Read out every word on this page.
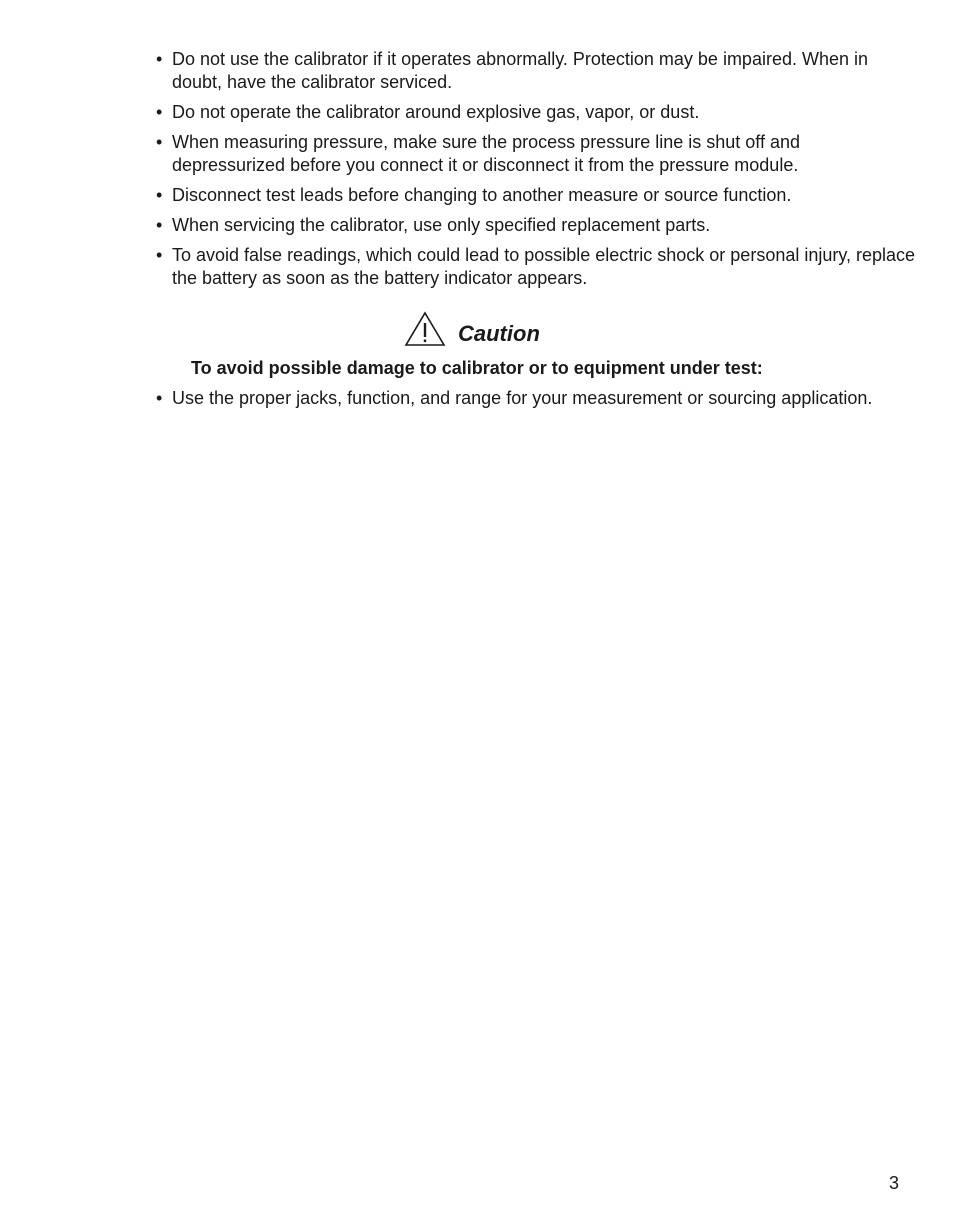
• Do not use the calibrator if it operates abnormally. Protection may be impaired. When in doubt, have the calibrator serviced.
• Do not operate the calibrator around explosive gas, vapor, or dust.
• When measuring pressure, make sure the process pressure line is shut off and depressurized before you connect it or disconnect it from the pressure module.
• Disconnect test leads before changing to another measure or source function.
• When servicing the calibrator, use only specified replacement parts.
• To avoid false readings, which could lead to possible electric shock or personal injury, replace the battery as soon as the battery indicator appears.
Caution
To avoid possible damage to calibrator or to equipment under test:
• Use the proper jacks, function, and range for your measurement or sourcing application.
3
